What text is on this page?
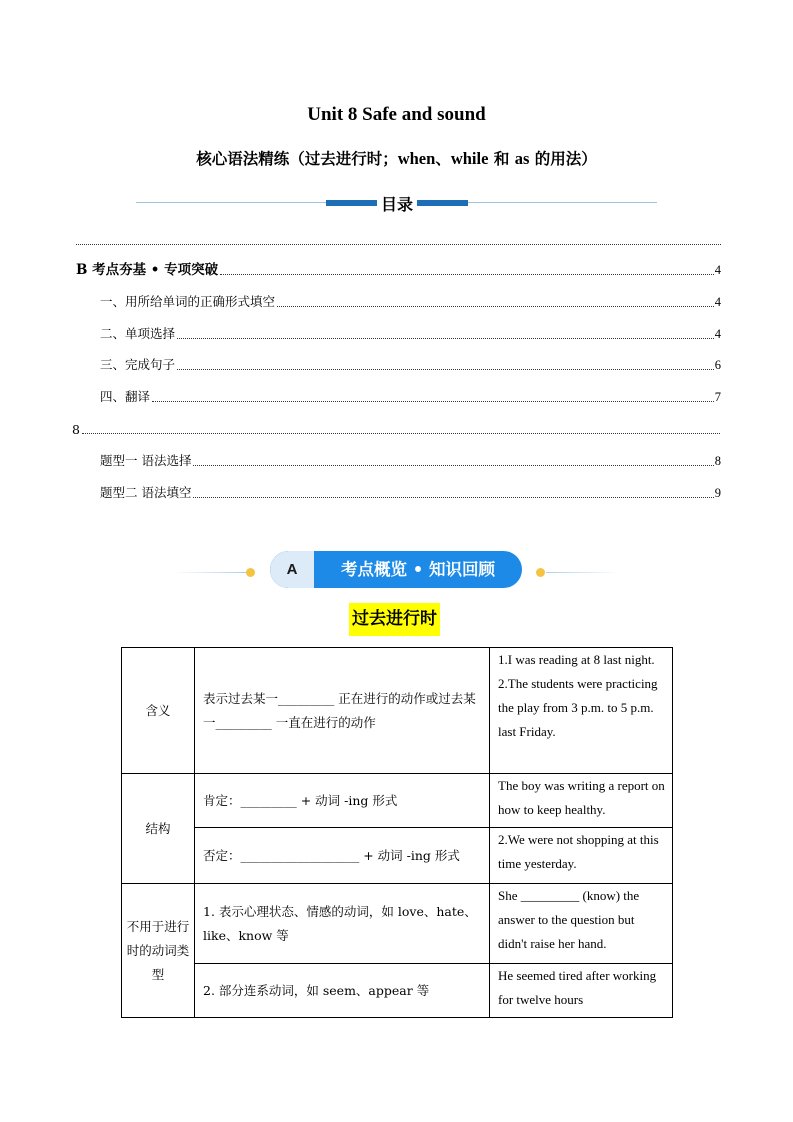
Unit 8 Safe and sound
核心语法精练（过去进行时；when、while 和 as 的用法）
目录
B 考点夯基 • 专项突破	4
一、用所给单词的正确形式填空	4
二、单项选择	4
三、完成句子	6
四、翻译	7
8
题型一 语法选择	8
题型二 语法填空	9
A	考点概览 • 知识回顾
过去进行时
含义	表示过去某一_________ 正在进行的动作或过去某一_________ 一直在进行的动作	1.I was reading at 8 last night.
2.The students were practicing the play from 3 p.m. to 5 p.m. last Friday.

结构	肯定：_________ + 动词 -ing 形式	The boy was writing a report on how to keep healthy.

	否定：___________________ + 动词 -ing 形式	2.We were not shopping at this time yesterday.

不用于进行时的动词类型	1. 表示心理状态、情感的动词，如 love、hate、like、know 等	She _________ (know) the answer to the question but didn't raise her hand.

	2. 部分连系动词，如 seem、appear 等	He seemed tired after working for twelve hours
